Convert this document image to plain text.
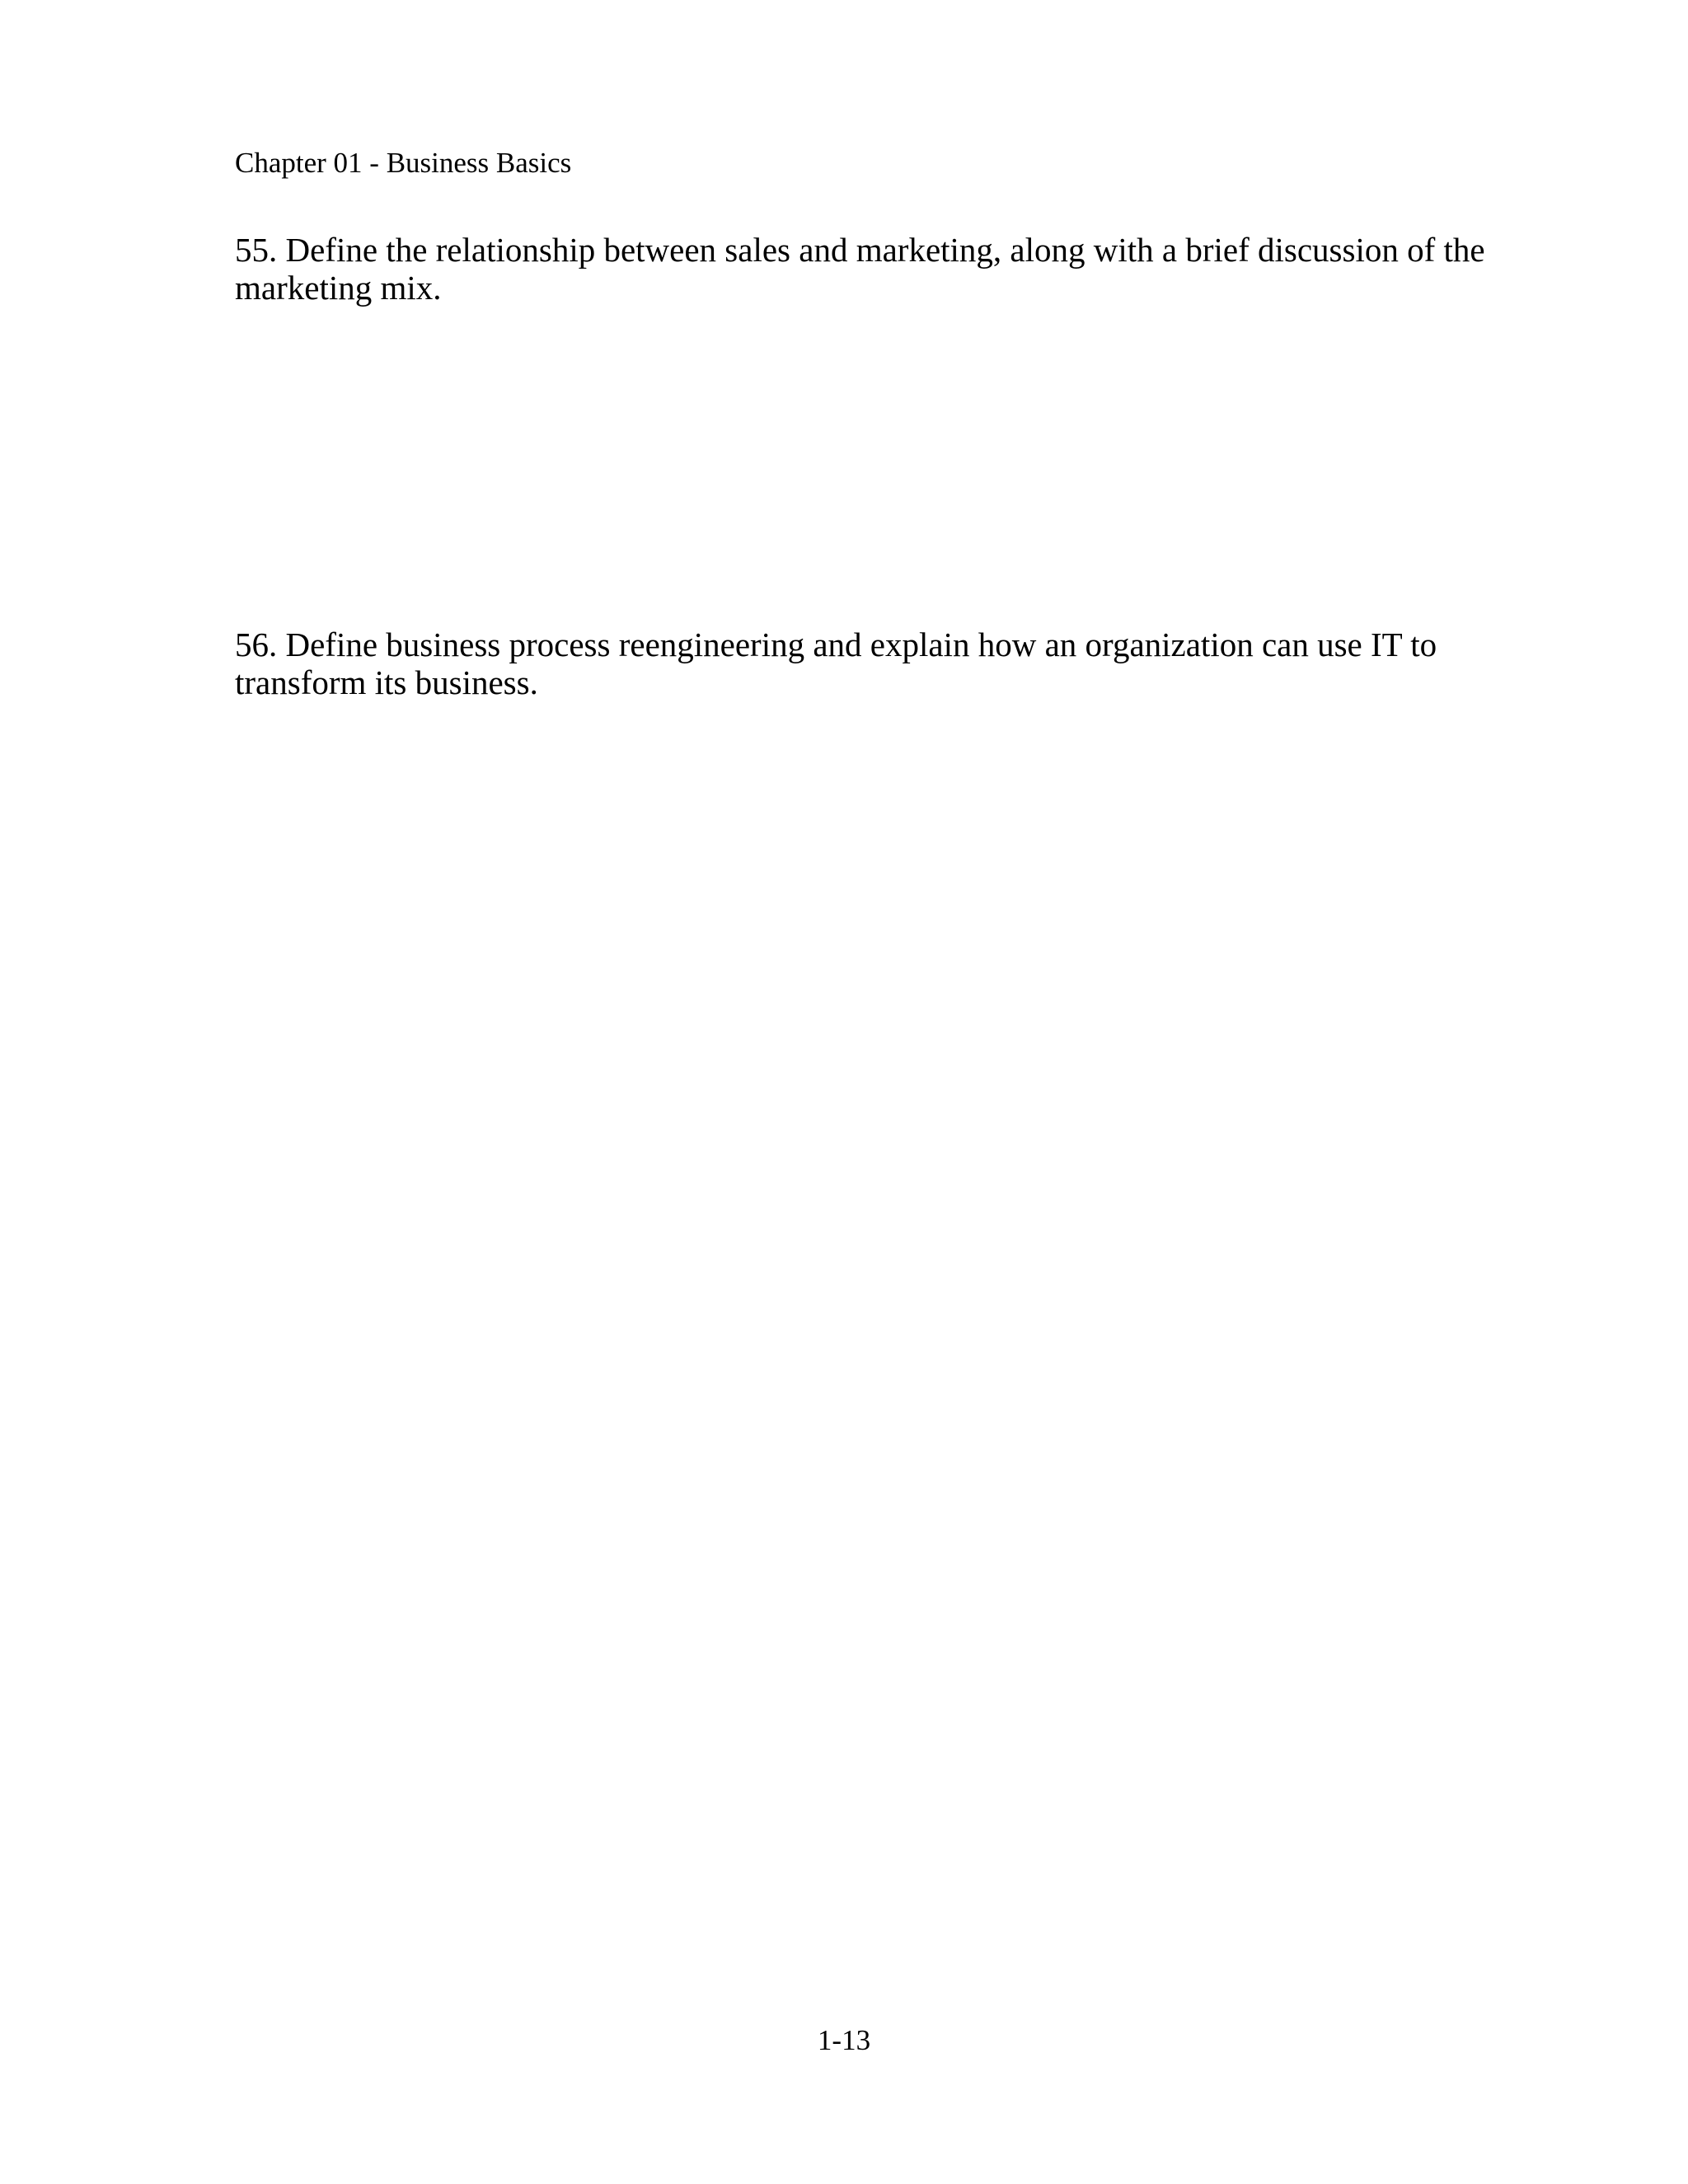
Chapter 01 - Business Basics
55. Define the relationship between sales and marketing, along with a brief discussion of the
marketing mix.
56. Define business process reengineering and explain how an organization can use IT to
transform its business.
1-13
